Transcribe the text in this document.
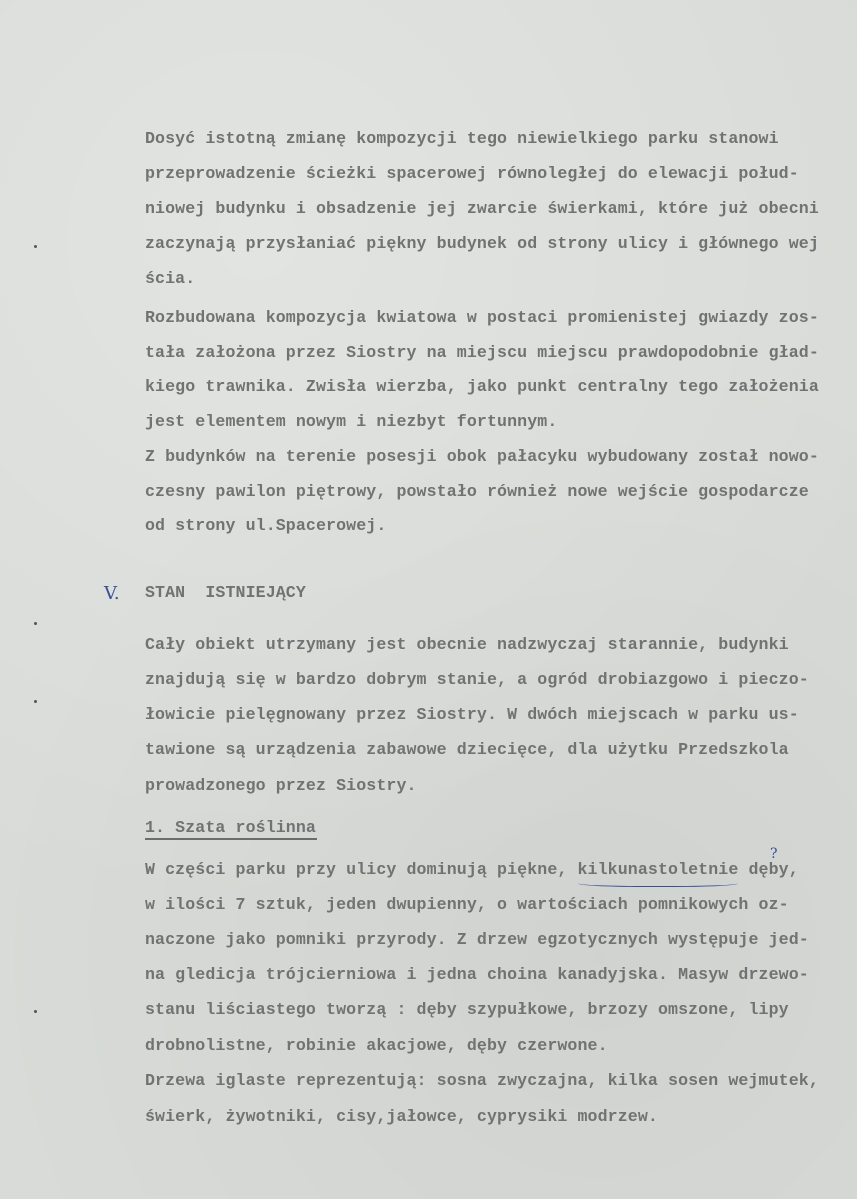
Dosyć istotną zmianę kompozycji tego niewielkiego parku stanowi
przeprowadzenie ścieżki spacerowej równoległej do elewacji połud-
niowej budynku i obsadzenie jej zwarcie świerkami, które już obecni
zaczynają przysłaniać piękny budynek od strony ulicy i głównego wej
ścia.
Rozbudowana kompozycja kwiatowa w postaci promienistej gwiazdy zos-
tała założona przez Siostry na miejscu miejscu prawdopodobnie gład-
kiego trawnika. Zwisła wierzba, jako punkt centralny tego założenia
jest elementem nowym i niezbyt fortunnym.
Z budynków na terenie posesji obok pałacyku wybudowany został nowo-
czesny pawilon piętrowy, powstało również nowe wejście gospodarcze
od strony ul.Spacerowej.
V. STAN  ISTNIEJĄCY
Cały obiekt utrzymany jest obecnie nadzwyczaj starannie, budynki
znajdują się w bardzo dobrym stanie, a ogród drobiazgowo i pieczo-
łowicie pielęgnowany przez Siostry. W dwóch miejscach w parku us-
tawione są urządzenia zabawowe dziecięce, dla użytku Przedszkola
prowadzonego przez Siostry.
1. Szata roślinna
W części parku przy ulicy dominują piękne, kilkunastoletnie dęby,
w ilości 7 sztuk, jeden dwupienny, o wartościach pomnikowych oz-
naczone jako pomniki przyrody. Z drzew egzotycznych występuje jed-
na gledicja trójcierniowa i jedna choina kanadyjska. Masyw drzewo-
stanu liściastego tworzą : dęby szypułkowe, brzozy omszone, lipy
drobnolistne, robinie akacjowe, dęby czerwone.
Drzewa iglaste reprezentują: sosna zwyczajna, kilka sosen wejmutek,
świerk, żywotniki, cisy,jałowce, cyprysiki modrzew.
?
